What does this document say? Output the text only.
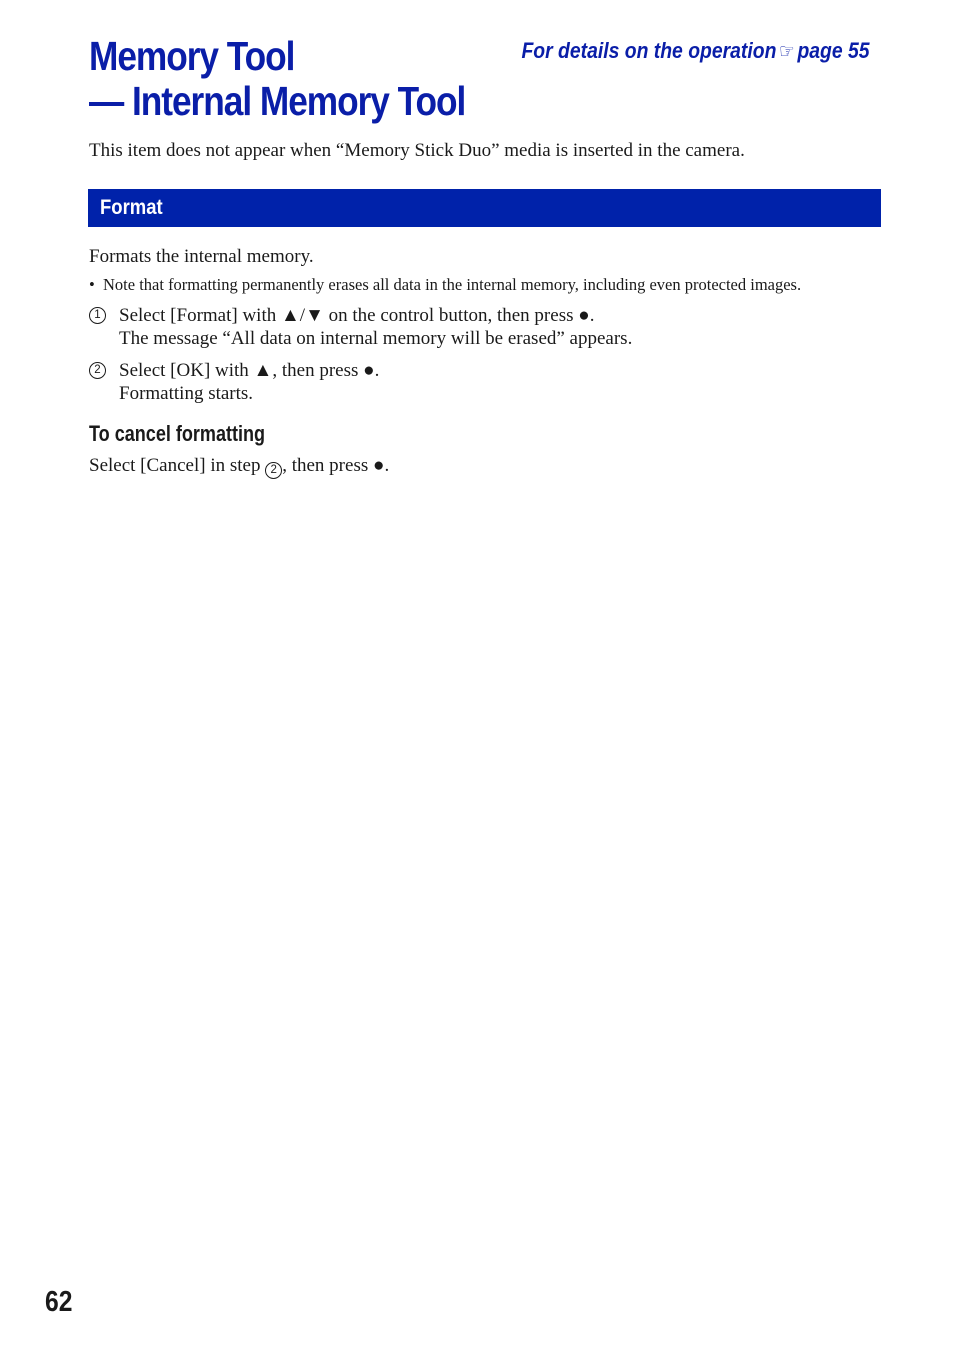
Memory Tool
— Internal Memory Tool
For details on the operation ☞ page 55

This item does not appear when “Memory Stick Duo” media is inserted in the camera.

Format

Formats the internal memory.

• Note that formatting permanently erases all data in the internal memory, including even protected images.

1 Select [Format] with ▲/▼ on the control button, then press ●.
The message “All data on internal memory will be erased” appears.
2 Select [OK] with ▲, then press ●.
Formatting starts.
To cancel formatting

Select [Cancel] in step 2 , then press ●.

62
